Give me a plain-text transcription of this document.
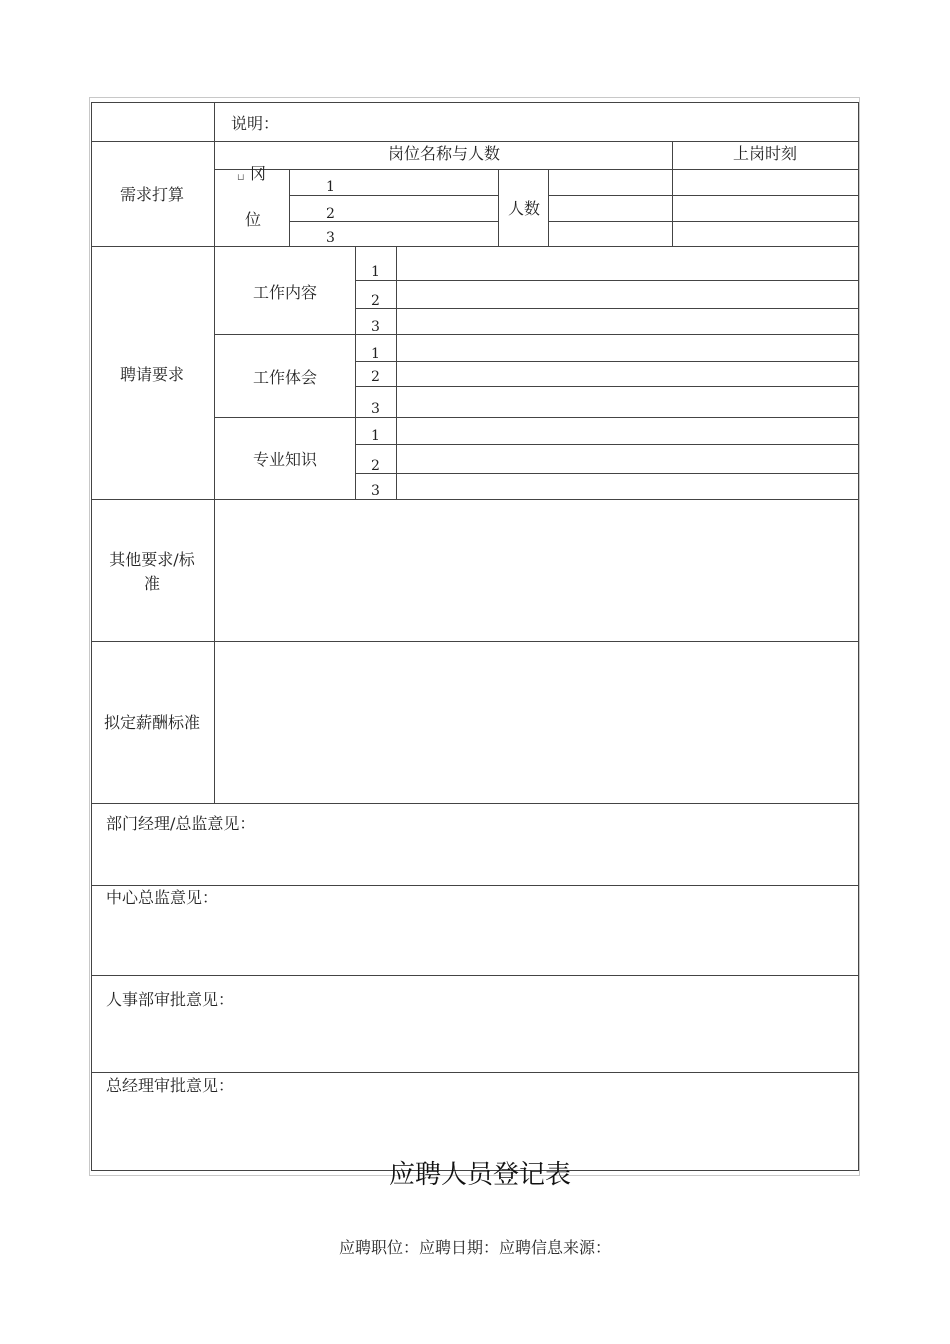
说明：
需求打算
岗位名称与人数	上岗时刻
⊔ 冈
位
1
2
3
人数
聘请要求
工作内容
工作体会
专业知识
1
2
3
1
2
3
1
2
3
其他要求/标
准
拟定薪酬标准
部门经理/总监意见：
中心总监意见：
人事部审批意见：
总经理审批意见：
应聘人员登记表
应聘职位：应聘日期：应聘信息来源：
